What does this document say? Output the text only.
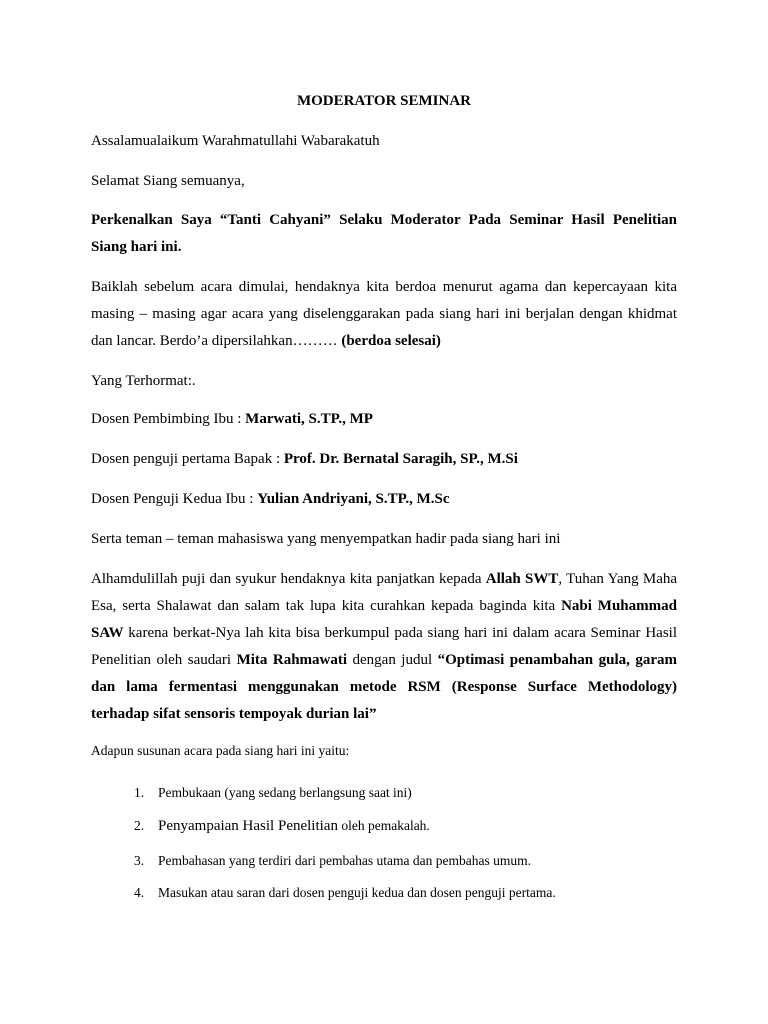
MODERATOR SEMINAR

Assalamualaikum Warahmatullahi Wabarakatuh

Selamat Siang semuanya,

Perkenalkan Saya “Tanti Cahyani” Selaku Moderator Pada Seminar Hasil Penelitian

Siang hari ini.

Baiklah sebelum acara dimulai, hendaknya kita berdoa menurut agama dan kepercayaan kita

masing – masing agar acara yang diselenggarakan pada siang hari ini berjalan dengan khidmat

dan lancar. Berdo’a dipersilahkan……… (berdoa selesai)

Yang Terhormat:.

Dosen Pembimbing Ibu : Marwati, S.TP., MP

Dosen penguji pertama Bapak : Prof. Dr. Bernatal Saragih, SP., M.Si

Dosen Penguji Kedua Ibu : Yulian Andriyani, S.TP., M.Sc

Serta teman – teman mahasiswa yang menyempatkan hadir pada siang hari ini

Alhamdulillah puji dan syukur hendaknya kita panjatkan kepada Allah SWT, Tuhan Yang Maha

Esa, serta Shalawat dan salam tak lupa kita curahkan kepada baginda kita Nabi Muhammad

SAW karena berkat-Nya lah kita bisa berkumpul pada siang hari ini dalam acara Seminar Hasil

Penelitian oleh saudari Mita Rahmawati dengan judul “Optimasi penambahan gula, garam

dan lama fermentasi menggunakan metode RSM (Response Surface Methodology)

terhadap sifat sensoris tempoyak durian lai”

Adapun susunan acara pada siang hari ini yaitu:

1. Pembukaan (yang sedang berlangsung saat ini)

2. Penyampaian Hasil Penelitian oleh pemakalah.

3. Pembahasan yang terdiri dari pembahas utama dan pembahas umum.

4. Masukan atau saran dari dosen penguji kedua dan dosen penguji pertama.
